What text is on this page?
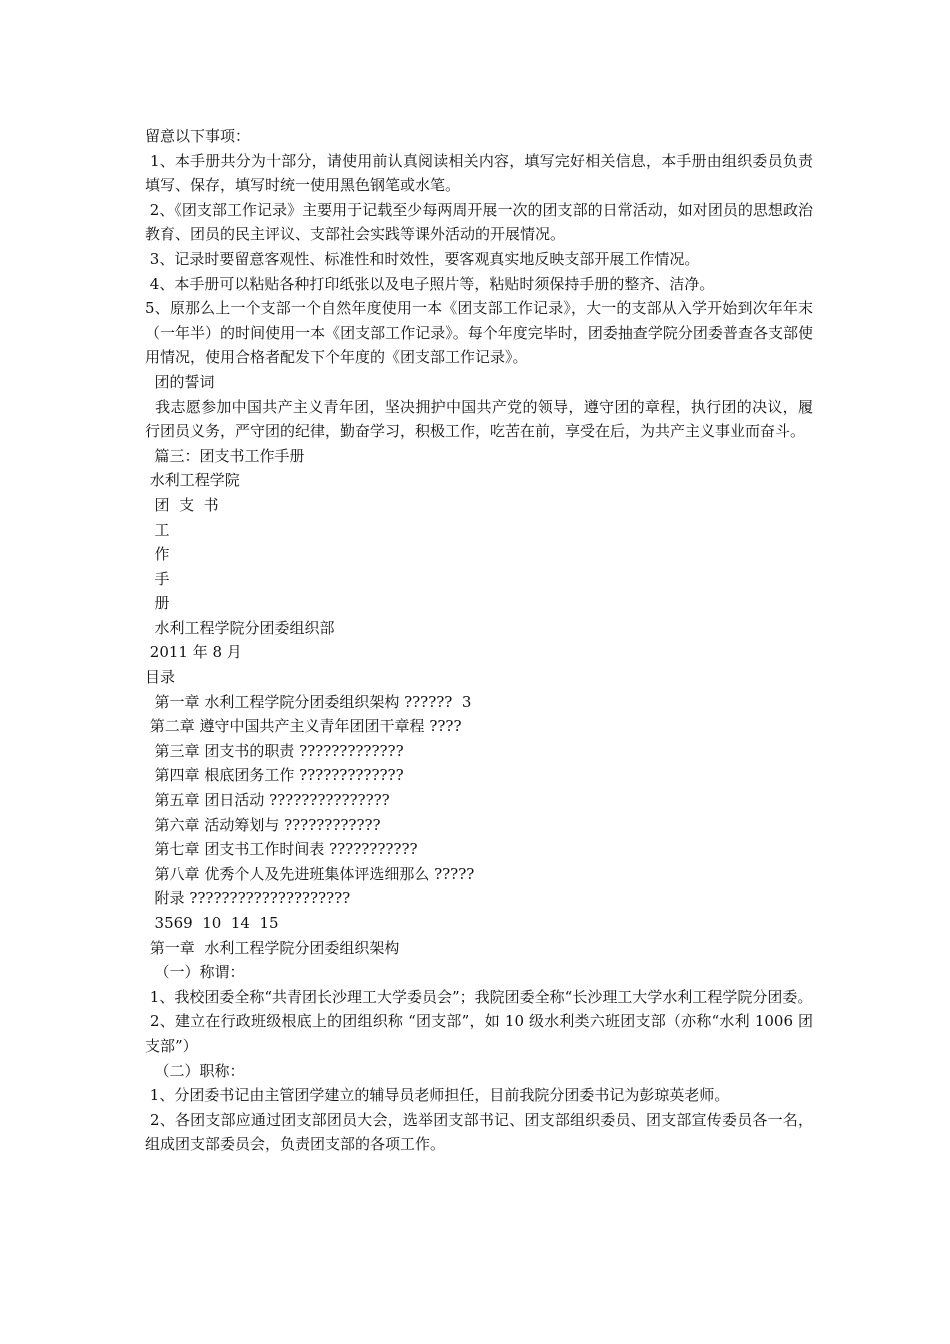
留意以下事项：

1、本手册共分为十部分，请使用前认真阅读相关内容，填写完好相关信息，本手册由组织委员负责填写、保存，填写时统一使用黑色钢笔或水笔。

2、《团支部工作记录》主要用于记载至少每两周开展一次的团支部的日常活动，如对团员的思想政治教育、团员的民主评议、支部社会实践等课外活动的开展情况。

3、记录时要留意客观性、标准性和时效性，要客观真实地反映支部开展工作情况。

4、本手册可以粘贴各种打印纸张以及电子照片等，粘贴时须保持手册的整齐、洁净。

5、原那么上一个支部一个自然年度使用一本《团支部工作记录》，大一的支部从入学开始到次年年末（一年半）的时间使用一本《团支部工作记录》。每个年度完毕时，团委抽查学院分团委普查各支部使用情况，使用合格者配发下个年度的《团支部工作记录》。

团的誓词

我志愿参加中国共产主义青年团，坚决拥护中国共产党的领导，遵守团的章程，执行团的决议，履行团员义务，严守团的纪律，勤奋学习，积极工作，吃苦在前，享受在后，为共产主义事业而奋斗。

篇三：团支书工作手册

水利工程学院

团  支  书

工

作

手

册

水利工程学院分团委组织部

2011 年 8 月

目录

第一章 水利工程学院分团委组织架构 ??????  3

第二章 遵守中国共产主义青年团团干章程 ????

第三章 团支书的职责 ?????????????

第四章 根底团务工作 ?????????????

第五章 团日活动 ???????????????

第六章 活动筹划与 ????????????

第七章 团支书工作时间表 ???????????

第八章 优秀个人及先进班集体评选细那么 ?????

附录 ????????????????????

3569  10  14  15

第一章  水利工程学院分团委组织架构

（一）称谓：

1、我校团委全称“共青团长沙理工大学委员会”；我院团委全称“长沙理工大学水利工程学院分团委。

2、建立在行政班级根底上的团组织称 “团支部”，如 10 级水利类六班团支部（亦称“水利 1006 团支部”）

（二）职称：

1、分团委书记由主管团学建立的辅导员老师担任，目前我院分团委书记为彭琼英老师。

2、各团支部应通过团支部团员大会，选举团支部书记、团支部组织委员、团支部宣传委员各一名，组成团支部委员会，负责团支部的各项工作。
